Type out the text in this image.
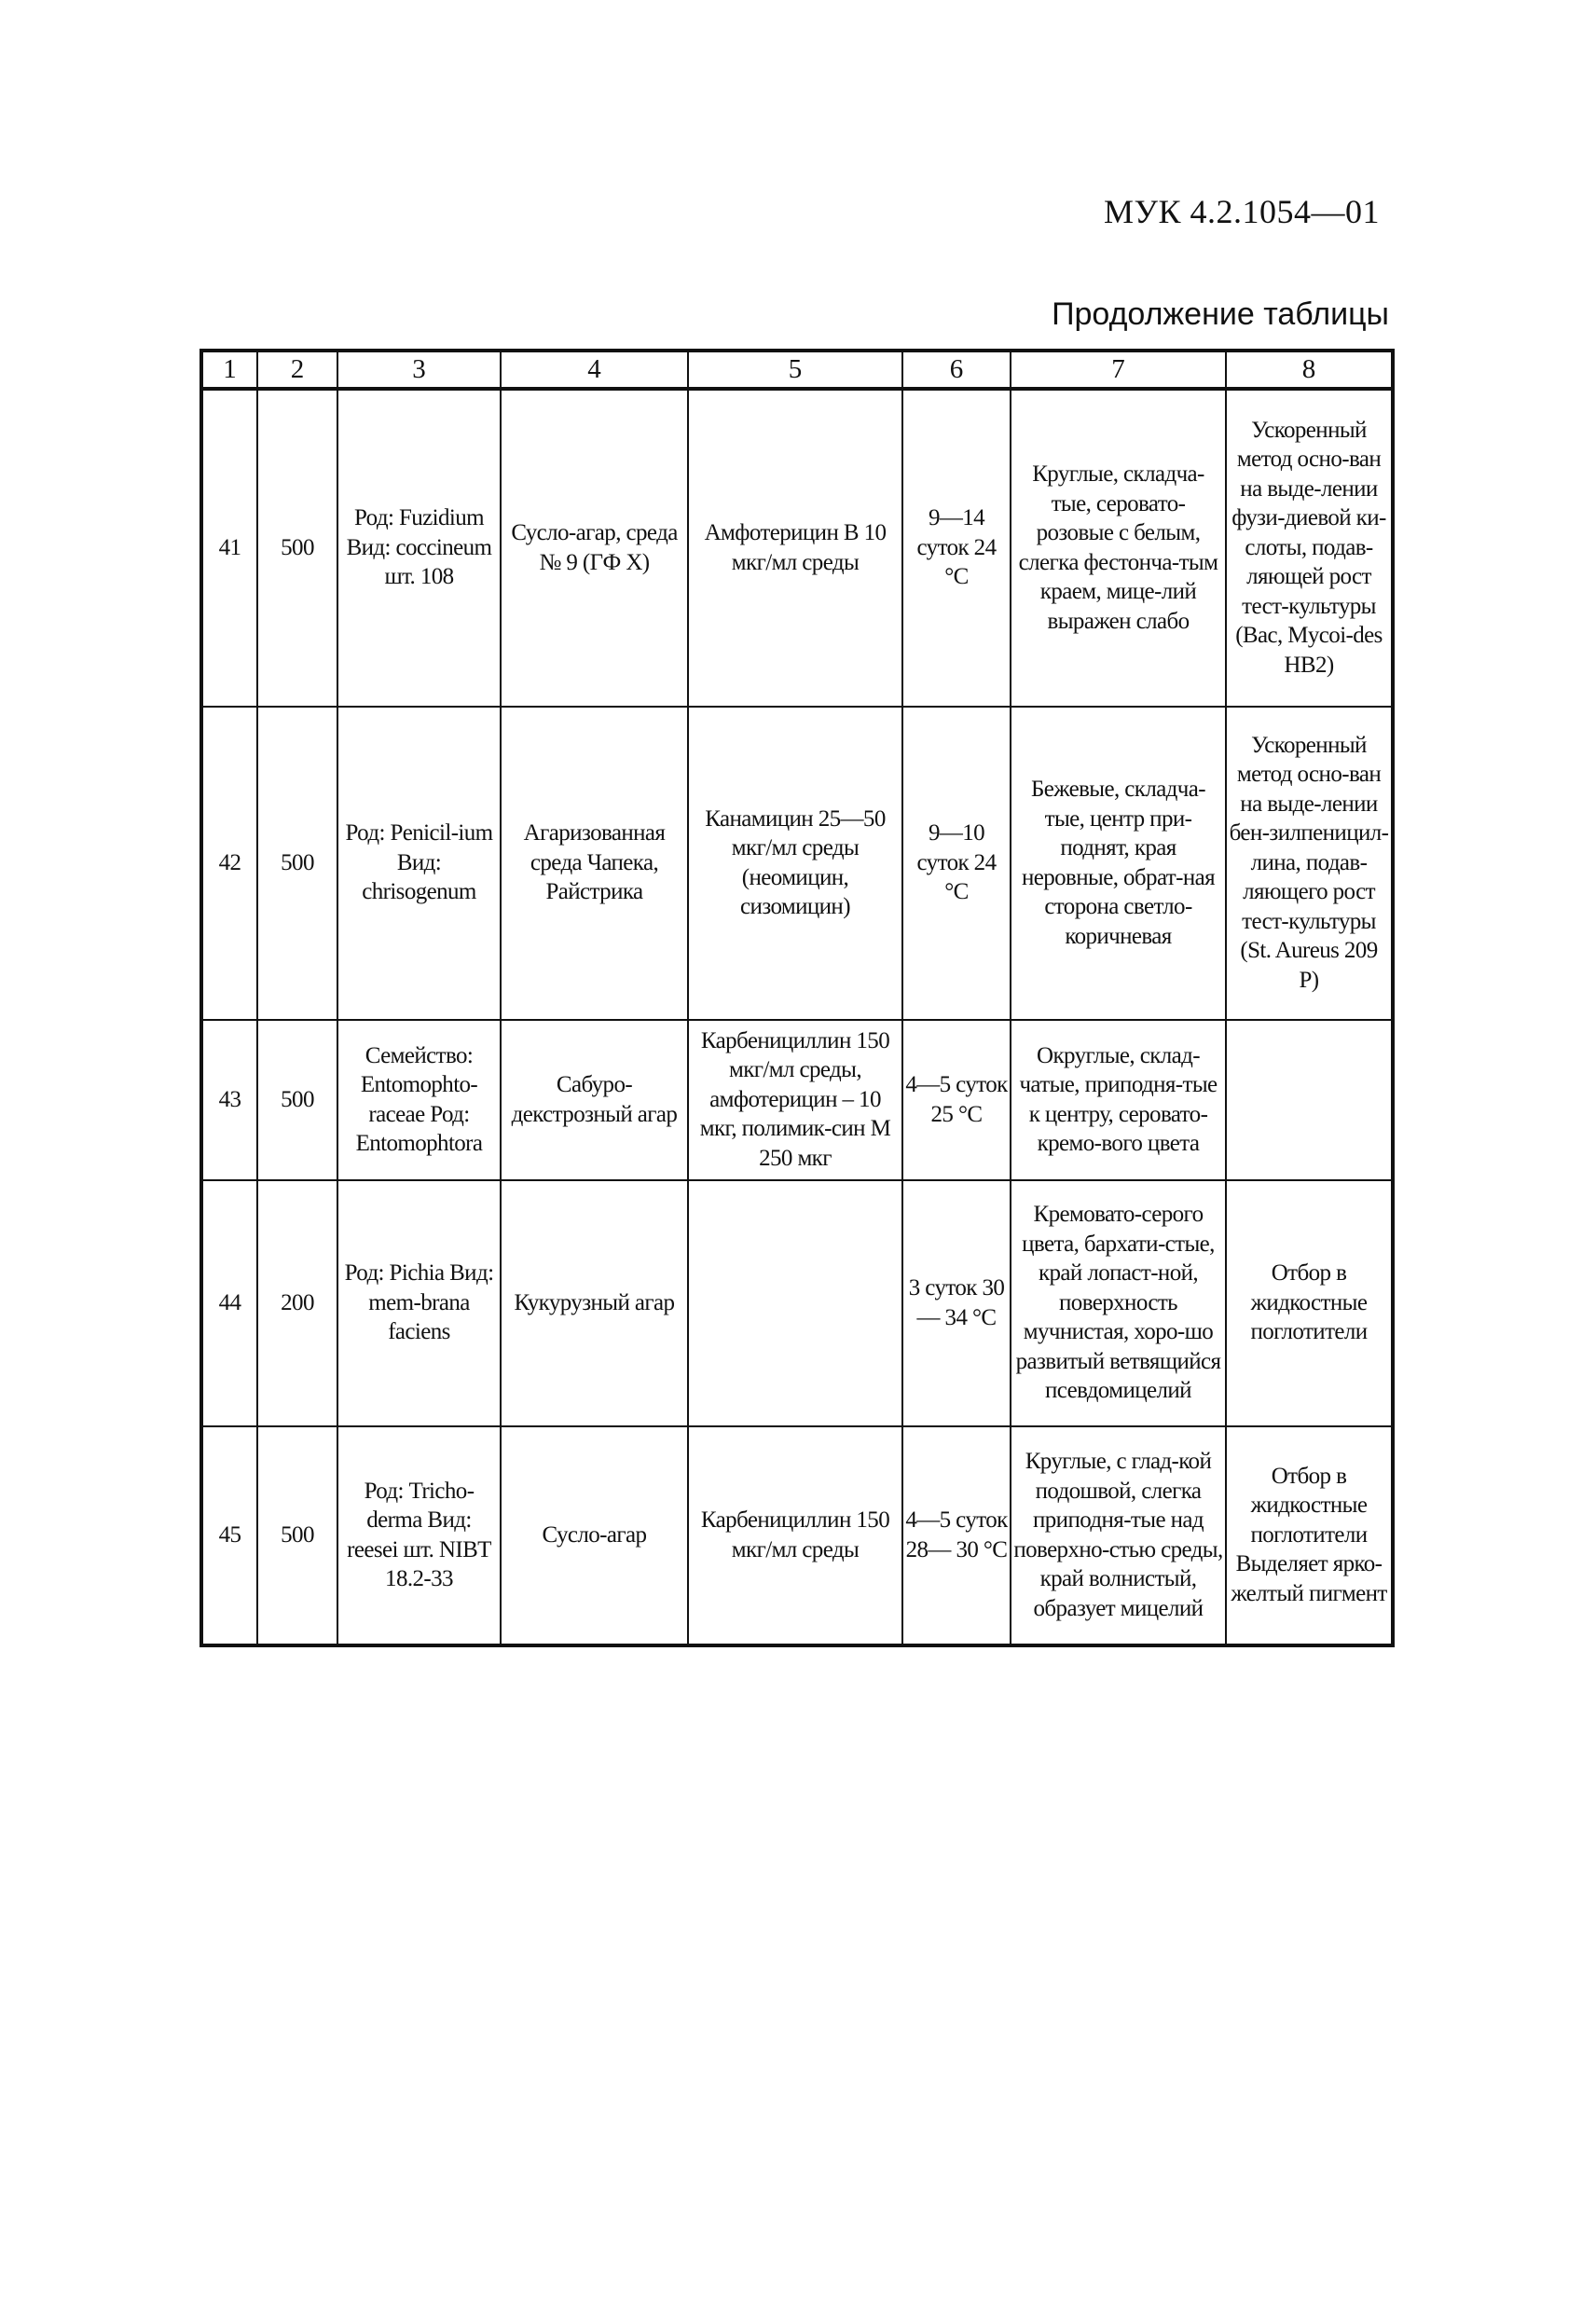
МУК 4.2.1054—01
Продолжение таблицы
1	2	3	4	5	6	7	8
41	500	Род: Fuzidium Вид: coccineum шт. 108	Сусло-агар, среда № 9 (ГФ X)	Амфотерицин В 10 мкг/мл среды	9—14 суток 24 °С	Круглые, складча-тые, серовато-розовые с белым, слегка фестонча-тым краем, мице-лий выражен слабо	Ускоренный метод осно-ван на выде-лении фузи-диевой ки-слоты, подав-ляющей рост тест-культуры (Bac, Mycoi-des HB2)
42	500	Род: Penicil-ium Вид: chrisogenum	Агаризованная среда Чапека, Райстрика	Канамицин 25—50 мкг/мл среды (неомицин, сизомицин)	9—10 суток 24 °С	Бежевые, складча-тые, центр при-поднят, края неровные, обрат-ная сторона светло-коричневая	Ускоренный метод осно-ван на выде-лении бен-зилпеницил-лина, подав-ляющего рост тест-культуры (St. Aureus 209 P)
43	500	Семейство: Entomophto-raceae Род: Entomophtora	Сабуро-декстрозный агар	Карбенициллин 150 мкг/мл среды, амфотерицин – 10 мкг, полимик-син М 250 мкг	4—5 суток 25 °С	Округлые, склад-чатые, приподня-тые к центру, серовато-кремо-вого цвета	
44	200	Род: Pichia Вид: mem-brana faciens	Кукурузный агар		3 суток 30— 34 °С	Кремовато-серого цвета, бархати-стые, край лопаст-ной, поверхность мучнистая, хоро-шо развитый ветвящийся псевдомицелий	Отбор в жидкостные поглотители
45	500	Род: Tricho-derma Вид: reesei шт. NIBT 18.2-33	Сусло-агар	Карбенициллин 150 мкг/мл среды	4—5 суток 28— 30 °С	Круглые, с глад-кой подошвой, слегка приподня-тые над поверхно-стью среды, край волнистый, образует мицелий	Отбор в жидкостные поглотители Выделяет ярко-желтый пигмент
